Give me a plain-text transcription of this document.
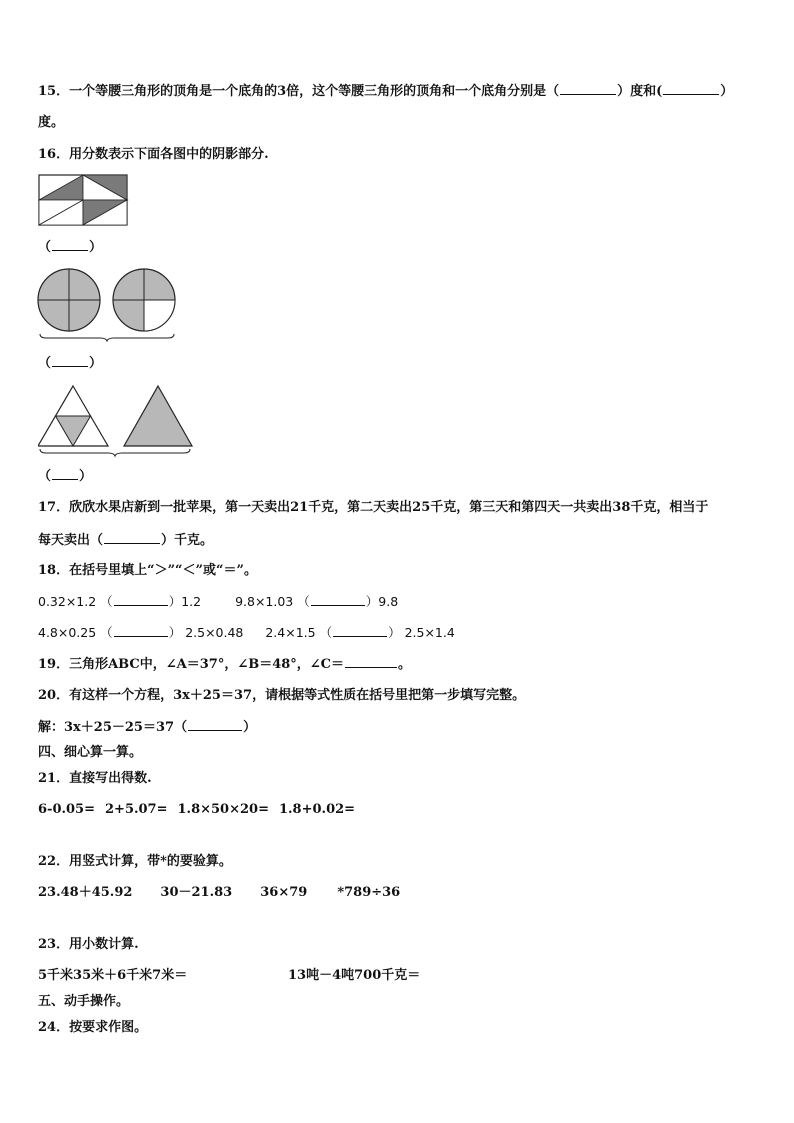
15．一个等腰三角形的顶角是一个底角的3倍，这个等腰三角形的顶角和一个底角分别是（	）度和(	）
度。
16．用分数表示下面各图中的阴影部分.
（	）
（	）
（ ）
17．欣欣水果店新到一批苹果，第一天卖出21千克，第二天卖出25千克，第三天和第四天一共卖出38千克，相当于
每天卖出（	）千克。
18．在括号里填上“＞”“＜”或“＝”。
0.32×1.2 （	）1.2	9.8×1.03 （	）9.8
4.8×0.25 （	） 2.5×0.48 2.4×1.5 （	） 2.5×1.4
19．三角形ABC中，∠A＝37°，∠B＝48°，∠C＝	。
20．有这样一个方程，3x＋25＝37，请根据等式性质在括号里把第一步填写完整。
解：3x＋25－25＝37（	）
四、细心算一算。
21．直接写出得数.
6-0.05= 2+5.07= 1.8×50×20= 1.8+0.02=
22．用竖式计算，带*的要验算。
23.48＋45.92 30－21.83 36×79 *789÷36
23．用小数计算.
5千米35米＋6千米7米＝	13吨－4吨700千克＝
五、动手操作。
24．按要求作图。
